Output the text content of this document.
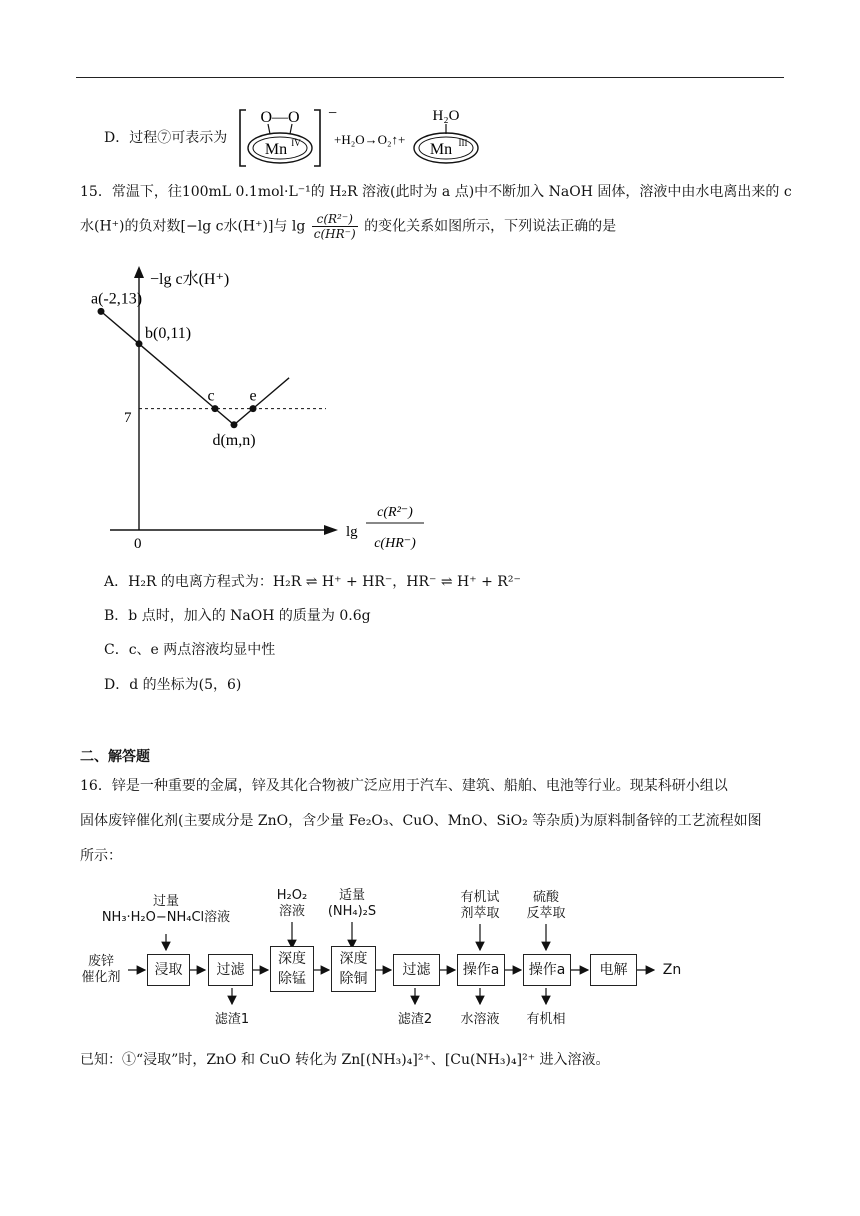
D．过程⑦可表示为
O—O
Mn IV
−
+H₂O→O₂↑+
H₂O
Mn III
15．常温下，往100mL 0.1mol·L⁻¹的 H₂R 溶液(此时为 a 点)中不断加入 NaOH 固体，溶液中由水电离出来的 c
水(H⁺)的负对数[−lg c水(H⁺)]与 $\lg \frac{\text{c(R²⁻)}}{c(HR^-)}$ 的变化关系如图所示，下列说法正确的是
−lg c水(H⁺)
0
7
lg
c(R²⁻)
c(HR⁻)
a(-2,13)
b(0,11)
c
d(m,n)
e
A．H₂R 的电离方程式为：H₂R ⇌ H⁺ + HR⁻，HR⁻ ⇌ H⁺ + R²⁻
B．b 点时，加入的 NaOH 的质量为 0.6g
C．c、e 两点溶液均显中性
D．d 的坐标为(5，6)
二、解答题
16．锌是一种重要的金属，锌及其化合物被广泛应用于汽车、建筑、船舶、电池等行业。现某科研小组以
固体废锌催化剂(主要成分是 ZnO，含少量 Fe₂O₃、CuO、MnO、SiO₂ 等杂质)为原料制备锌的工艺流程如图
所示：
废锌
催化剂	浸取	过滤
深度
除锰
深度
除铜
过滤	操作a	操作a	电解	Zn
过量
NH₃·H₂O−NH₄Cl溶液
H₂O₂
溶液
适量
(NH₄)₂S
有机试
剂萃取
硫酸
反萃取
滤渣1	滤渣2	水溶液	有机相
已知：①“浸取”时，ZnO 和 CuO 转化为 Zn[(NH₃)₄]²⁺、[Cu(NH₃)₄]²⁺ 进入溶液。
